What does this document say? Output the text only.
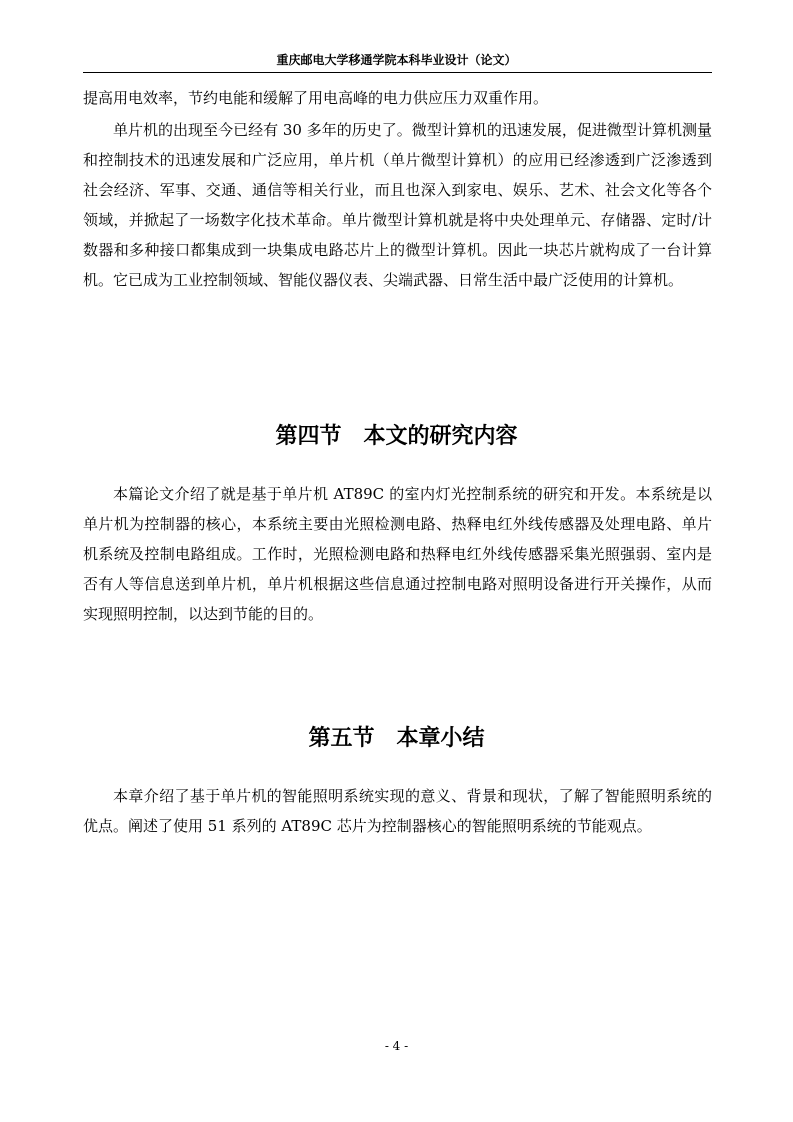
重庆邮电大学移通学院本科毕业设计（论文）

提高用电效率，节约电能和缓解了用电高峰的电力供应压力双重作用。

单片机的出现至今已经有 30 多年的历史了。微型计算机的迅速发展，促进微型计算机测量和控制技术的迅速发展和广泛应用，单片机（单片微型计算机）的应用已经渗透到广泛渗透到社会经济、军事、交通、通信等相关行业，而且也深入到家电、娱乐、艺术、社会文化等各个领域，并掀起了一场数字化技术革命。单片微型计算机就是将中央处理单元、存储器、定时/计数器和多种接口都集成到一块集成电路芯片上的微型计算机。因此一块芯片就构成了一台计算机。它已成为工业控制领域、智能仪器仪表、尖端武器、日常生活中最广泛使用的计算机。

第四节　本文的研究内容

本篇论文介绍了就是基于单片机 AT89C 的室内灯光控制系统的研究和开发。本系统是以单片机为控制器的核心，本系统主要由光照检测电路、热释电红外线传感器及处理电路、单片机系统及控制电路组成。工作时，光照检测电路和热释电红外线传感器采集光照强弱、室内是否有人等信息送到单片机，单片机根据这些信息通过控制电路对照明设备进行开关操作，从而实现照明控制，以达到节能的目的。

第五节　本章小结

本章介绍了基于单片机的智能照明系统实现的意义、背景和现状，了解了智能照明系统的优点。阐述了使用 51 系列的 AT89C 芯片为控制器核心的智能照明系统的节能观点。

- 4 -
